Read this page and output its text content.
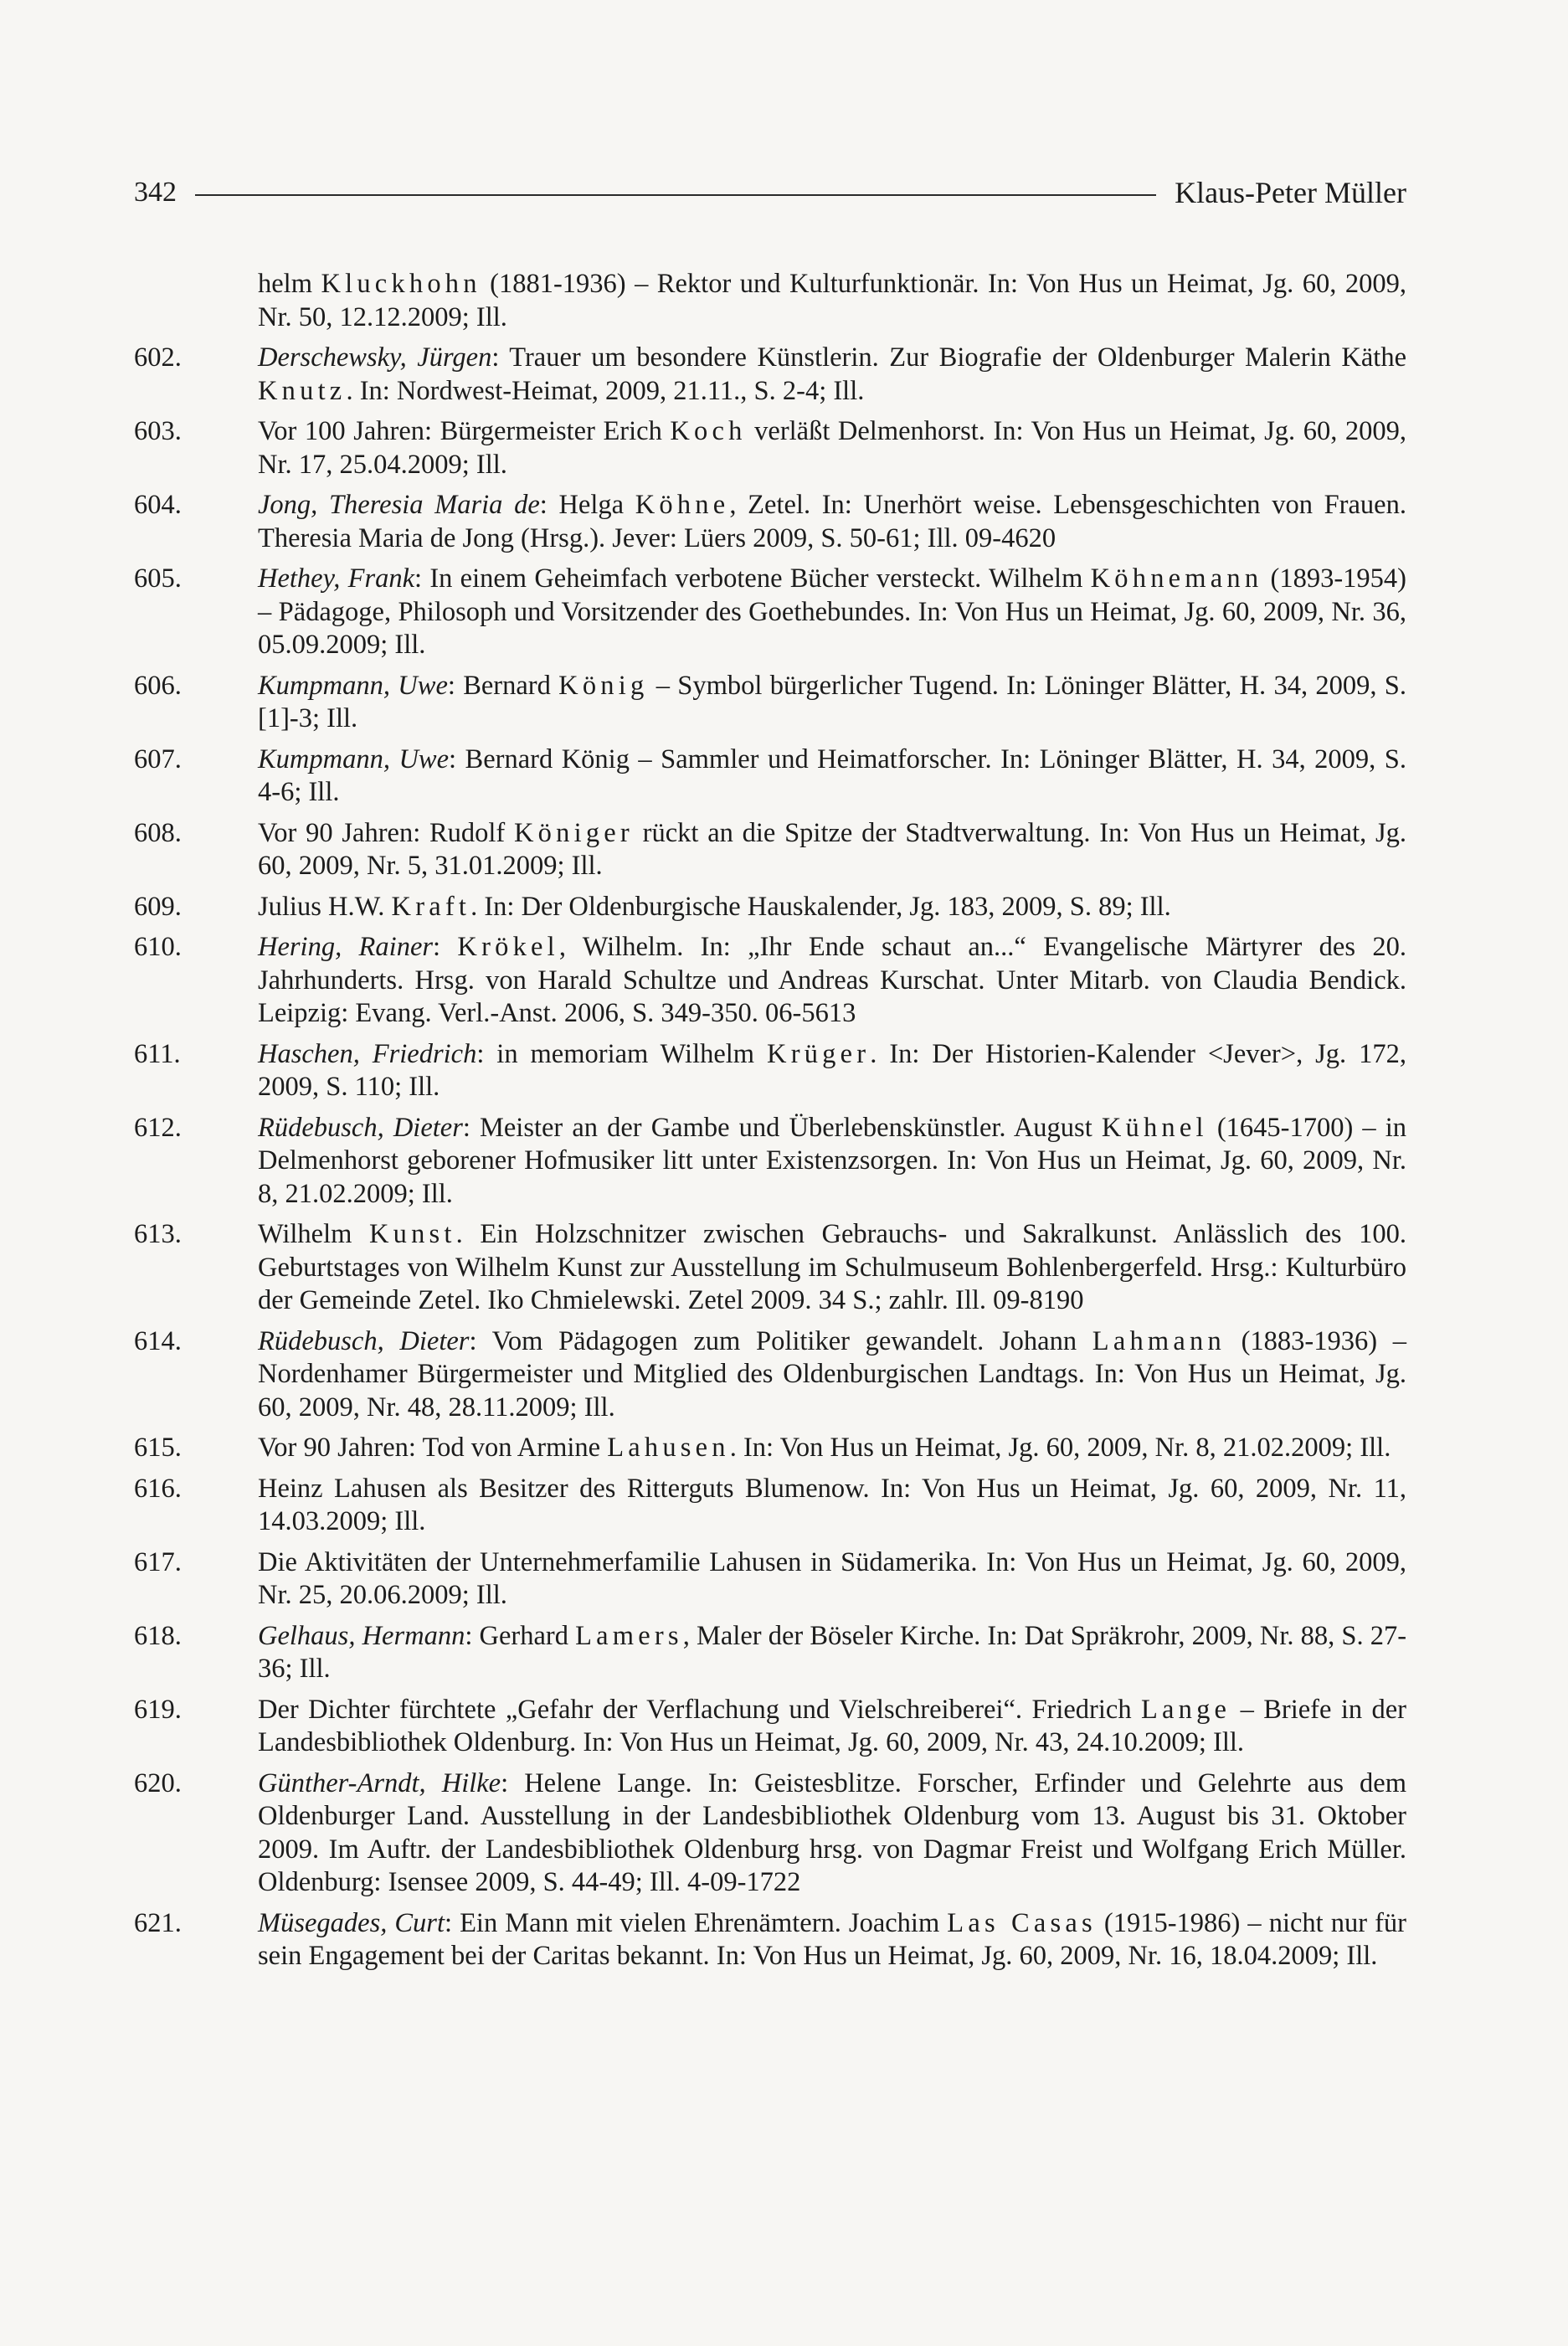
342	Klaus-Peter Müller
helm Kluckhohn (1881-1936) – Rektor und Kulturfunktionär. In: Von Hus un Heimat, Jg. 60, 2009, Nr. 50, 12.12.2009; Ill.
602.	Derschewsky, Jürgen: Trauer um besondere Künstlerin. Zur Biografie der Oldenburger Malerin Käthe Knutz. In: Nordwest-Heimat, 2009, 21.11., S. 2-4; Ill.
603.	Vor 100 Jahren: Bürgermeister Erich Koch verläßt Delmenhorst. In: Von Hus un Heimat, Jg. 60, 2009, Nr. 17, 25.04.2009; Ill.
604.	Jong, Theresia Maria de: Helga Köhne, Zetel. In: Unerhört weise. Lebensgeschichten von Frauen. Theresia Maria de Jong (Hrsg.). Jever: Lüers 2009, S. 50-61; Ill. 09-4620
605.	Hethey, Frank: In einem Geheimfach verbotene Bücher versteckt. Wilhelm Köhnemann (1893-1954) – Pädagoge, Philosoph und Vorsitzender des Goethebundes. In: Von Hus un Heimat, Jg. 60, 2009, Nr. 36, 05.09.2009; Ill.
606.	Kumpmann, Uwe: Bernard König – Symbol bürgerlicher Tugend. In: Löninger Blätter, H. 34, 2009, S. [1]-3; Ill.
607.	Kumpmann, Uwe: Bernard König – Sammler und Heimatforscher. In: Löninger Blätter, H. 34, 2009, S. 4-6; Ill.
608.	Vor 90 Jahren: Rudolf Königer rückt an die Spitze der Stadtverwaltung. In: Von Hus un Heimat, Jg. 60, 2009, Nr. 5, 31.01.2009; Ill.
609.	Julius H.W. Kraft. In: Der Oldenburgische Hauskalender, Jg. 183, 2009, S. 89; Ill.
610.	Hering, Rainer: Krökel, Wilhelm. In: „Ihr Ende schaut an...“ Evangelische Märtyrer des 20. Jahrhunderts. Hrsg. von Harald Schultze und Andreas Kurschat. Unter Mitarb. von Claudia Bendick. Leipzig: Evang. Verl.-Anst. 2006, S. 349-350. 06-5613
611.	Haschen, Friedrich: in memoriam Wilhelm Krüger. In: Der Historien-Kalender <Jever>, Jg. 172, 2009, S. 110; Ill.
612.	Rüdebusch, Dieter: Meister an der Gambe und Überlebenskünstler. August Kühnel (1645-1700) – in Delmenhorst geborener Hofmusiker litt unter Existenzsorgen. In: Von Hus un Heimat, Jg. 60, 2009, Nr. 8, 21.02.2009; Ill.
613.	Wilhelm Kunst. Ein Holzschnitzer zwischen Gebrauchs- und Sakralkunst. Anlässlich des 100. Geburtstages von Wilhelm Kunst zur Ausstellung im Schulmuseum Bohlenbergerfeld. Hrsg.: Kulturbüro der Gemeinde Zetel. Iko Chmielewski. Zetel 2009. 34 S.; zahlr. Ill. 09-8190
614.	Rüdebusch, Dieter: Vom Pädagogen zum Politiker gewandelt. Johann Lahmann (1883-1936) – Nordenhamer Bürgermeister und Mitglied des Oldenburgischen Landtags. In: Von Hus un Heimat, Jg. 60, 2009, Nr. 48, 28.11.2009; Ill.
615.	Vor 90 Jahren: Tod von Armine Lahusen. In: Von Hus un Heimat, Jg. 60, 2009, Nr. 8, 21.02.2009; Ill.
616.	Heinz Lahusen als Besitzer des Ritterguts Blumenow. In: Von Hus un Heimat, Jg. 60, 2009, Nr. 11, 14.03.2009; Ill.
617.	Die Aktivitäten der Unternehmerfamilie Lahusen in Südamerika. In: Von Hus un Heimat, Jg. 60, 2009, Nr. 25, 20.06.2009; Ill.
618.	Gelhaus, Hermann: Gerhard Lamers, Maler der Böseler Kirche. In: Dat Spräkrohr, 2009, Nr. 88, S. 27-36; Ill.
619.	Der Dichter fürchtete „Gefahr der Verflachung und Vielschreiberei“. Friedrich Lange – Briefe in der Landesbibliothek Oldenburg. In: Von Hus un Heimat, Jg. 60, 2009, Nr. 43, 24.10.2009; Ill.
620.	Günther-Arndt, Hilke: Helene Lange. In: Geistesblitze. Forscher, Erfinder und Gelehrte aus dem Oldenburger Land. Ausstellung in der Landesbibliothek Oldenburg vom 13. August bis 31. Oktober 2009. Im Auftr. der Landesbibliothek Oldenburg hrsg. von Dagmar Freist und Wolfgang Erich Müller. Oldenburg: Isensee 2009, S. 44-49; Ill. 4-09-1722
621.	Müsegades, Curt: Ein Mann mit vielen Ehrenämtern. Joachim Las Casas (1915-1986) – nicht nur für sein Engagement bei der Caritas bekannt. In: Von Hus un Heimat, Jg. 60, 2009, Nr. 16, 18.04.2009; Ill.
